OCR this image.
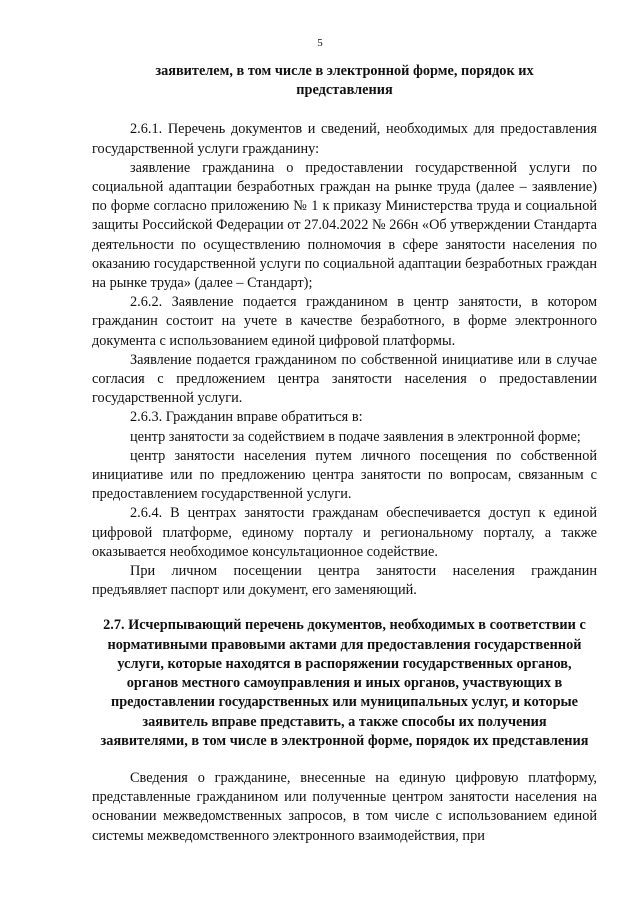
5
заявителем, в том числе в электронной форме, порядок их представления

2.6.1. Перечень документов и сведений, необходимых для предоставления государственной услуги гражданину:

заявление гражданина о предоставлении государственной услуги по социальной адаптации безработных граждан на рынке труда (далее – заявление) по форме согласно приложению № 1 к приказу Министерства труда и социальной защиты Российской Федерации от 27.04.2022 № 266н «Об утверждении Стандарта деятельности по осуществлению полномочия в сфере занятости населения по оказанию государственной услуги по социальной адаптации безработных граждан на рынке труда» (далее – Стандарт);

2.6.2. Заявление подается гражданином в центр занятости, в котором гражданин состоит на учете в качестве безработного, в форме электронного документа с использованием единой цифровой платформы.

Заявление подается гражданином по собственной инициативе или в случае согласия с предложением центра занятости населения о предоставлении государственной услуги.

2.6.3. Гражданин вправе обратиться в:

центр занятости за содействием в подаче заявления в электронной форме;

центр занятости населения путем личного посещения по собственной инициативе или по предложению центра занятости по вопросам, связанным с предоставлением государственной услуги.

2.6.4. В центрах занятости гражданам обеспечивается доступ к единой цифровой платформе, единому порталу и региональному порталу, а также оказывается необходимое консультационное содействие.

При личном посещении центра занятости населения гражданин предъявляет паспорт или документ, его заменяющий.

2.7. Исчерпывающий перечень документов, необходимых в соответствии с нормативными правовыми актами для предоставления государственной услуги, которые находятся в распоряжении государственных органов, органов местного самоуправления и иных органов, участвующих в предоставлении государственных или муниципальных услуг, и которые заявитель вправе представить, а также способы их получения заявителями, в том числе в электронной форме, порядок их представления

Сведения о гражданине, внесенные на единую цифровую платформу, представленные гражданином или полученные центром занятости населения на основании межведомственных запросов, в том числе с использованием единой системы межведомственного электронного взаимодействия, при
